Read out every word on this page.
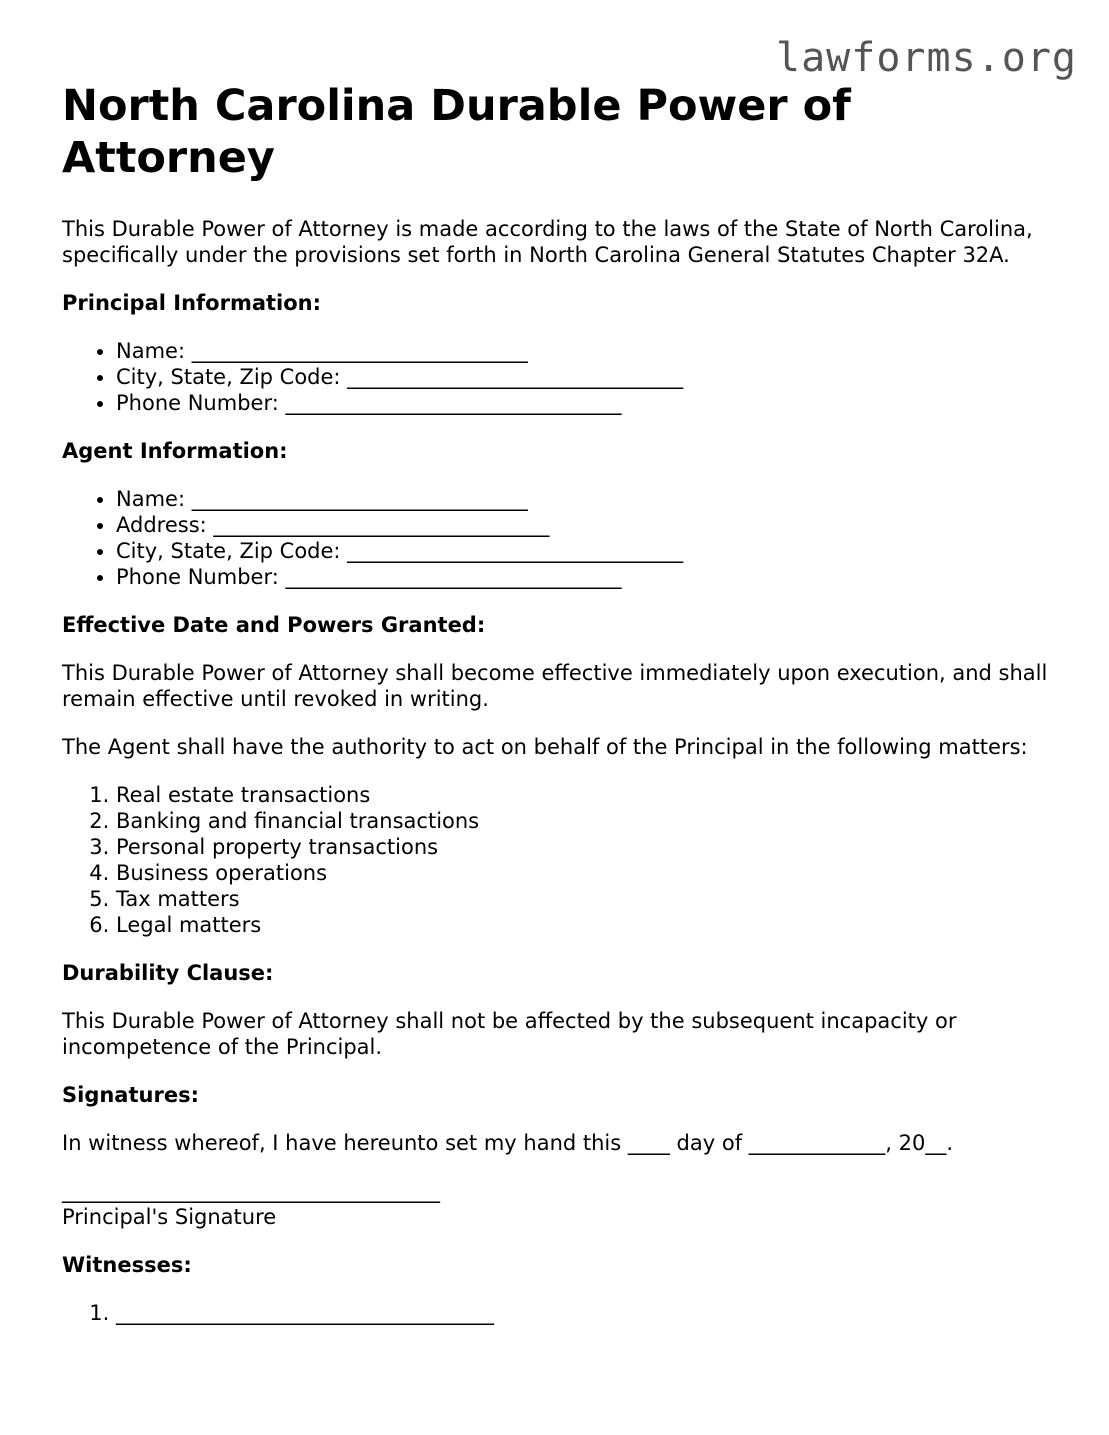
lawforms.org
North Carolina Durable Power of Attorney

This Durable Power of Attorney is made according to the laws of the State of North Carolina, specifically under the provisions set forth in North Carolina General Statutes Chapter 32A.

Principal Information:

• Name: ________________________________
• City, State, Zip Code: ________________________________
• Phone Number: ________________________________

Agent Information:

• Name: ________________________________
• Address: ________________________________
• City, State, Zip Code: ________________________________
• Phone Number: ________________________________

Effective Date and Powers Granted:

This Durable Power of Attorney shall become effective immediately upon execution, and shall remain effective until revoked in writing.

The Agent shall have the authority to act on behalf of the Principal in the following matters:

1. Real estate transactions
2. Banking and financial transactions
3. Personal property transactions
4. Business operations
5. Tax matters
6. Legal matters

Durability Clause:

This Durable Power of Attorney shall not be affected by the subsequent incapacity or incompetence of the Principal.

Signatures:

In witness whereof, I have hereunto set my hand this ____ day of _____________, 20__.

____________________________________
Principal's Signature

Witnesses:

1. ____________________________________
